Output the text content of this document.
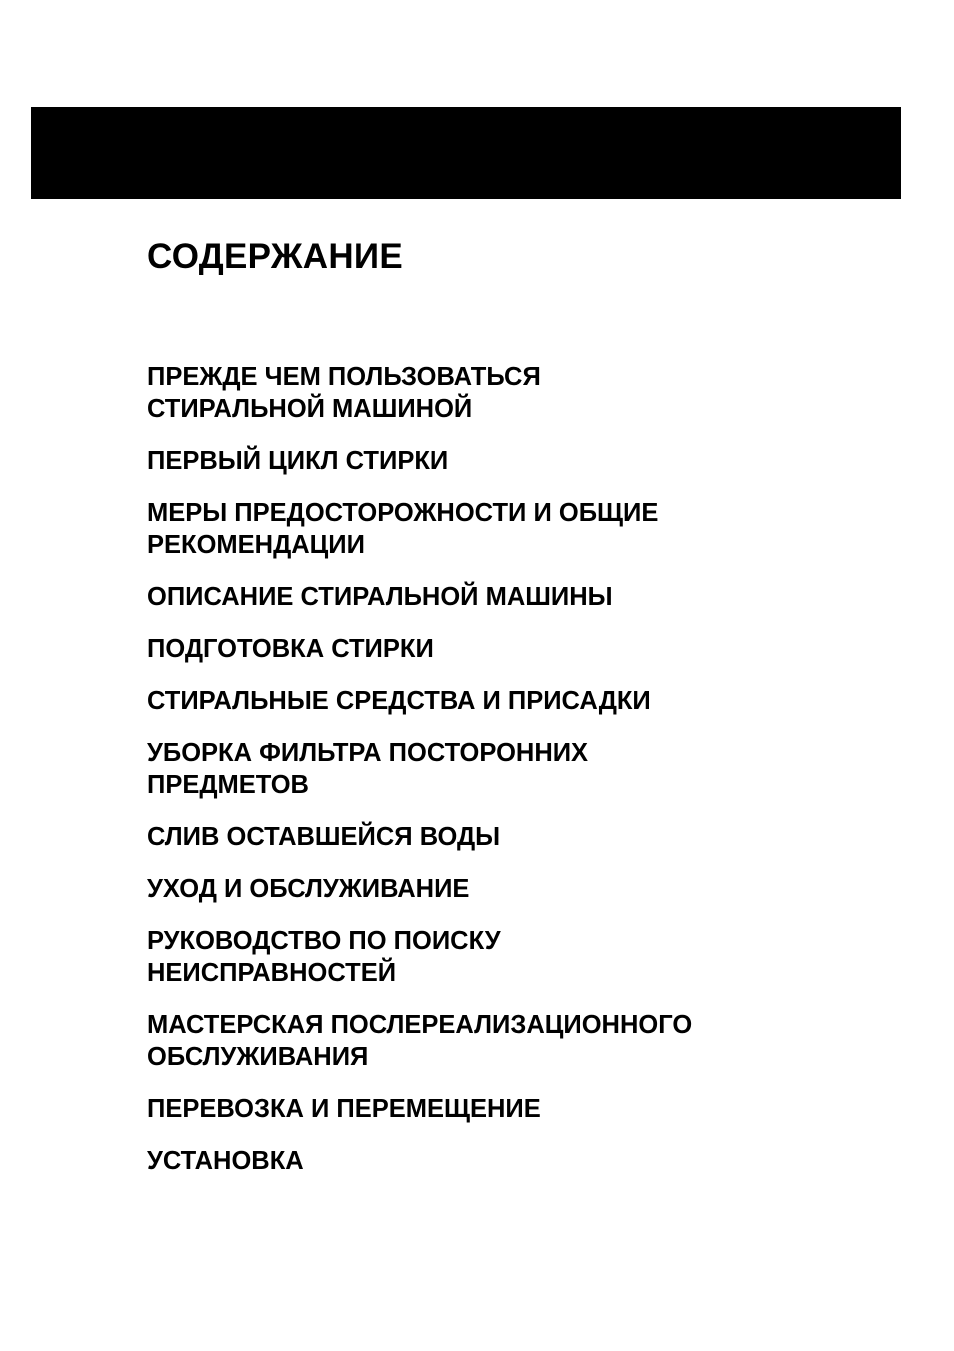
СОДЕРЖАНИЕ
ПРЕЖДЕ ЧЕМ ПОЛЬЗОВАТЬСЯ
СТИРАЛЬНОЙ МАШИНОЙ
ПЕРВЫЙ ЦИКЛ СТИРКИ
МЕРЫ ПРЕДОСТОРОЖНОСТИ И ОБЩИЕ
РЕКОМЕНДАЦИИ
ОПИСАНИЕ СТИРАЛЬНОЙ МАШИНЫ
ПОДГОТОВКА СТИРКИ
СТИРАЛЬНЫЕ СРЕДСТВА И ПРИСАДКИ
УБОРКА ФИЛЬТРА ПОСТОРОННИХ
ПРЕДМЕТОВ
СЛИВ ОСТАВШЕЙСЯ ВОДЫ
УХОД И ОБСЛУЖИВАНИЕ
РУКОВОДСТВО ПО ПОИСКУ
НЕИСПРАВНОСТЕЙ
МАСТЕРСКАЯ ПОСЛЕРЕАЛИЗАЦИОННОГО
ОБСЛУЖИВАНИЯ
ПЕРЕВОЗКА И ПЕРЕМЕЩЕНИЕ
УСТАНОВКА
